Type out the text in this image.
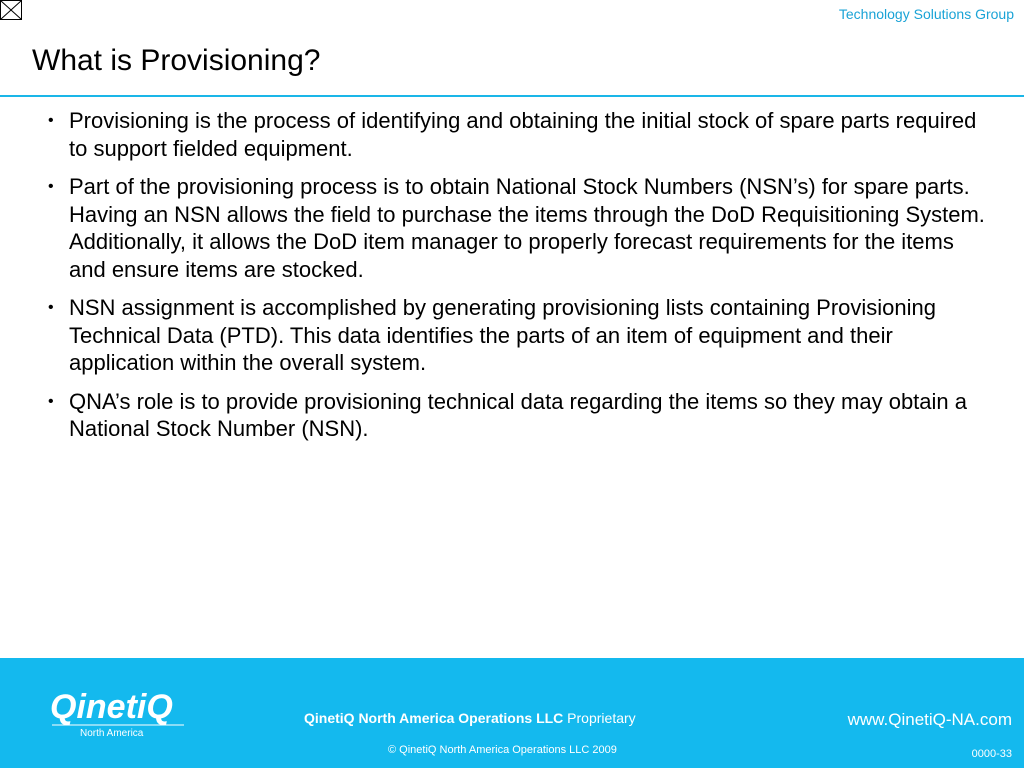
Technology Solutions Group
What is Provisioning?
• Provisioning is the process of identifying and obtaining the initial stock of spare parts required to support fielded equipment.
• Part of the provisioning process is to obtain National Stock Numbers (NSN’s) for spare parts. Having an NSN allows the field to purchase the items through the DoD Requisitioning System. Additionally, it allows the DoD item manager to properly forecast requirements for the items and ensure items are stocked.
• NSN assignment is accomplished by generating provisioning lists containing Provisioning Technical Data (PTD). This data identifies the parts of an item of equipment and their application within the overall system.
• QNA’s role is to provide provisioning technical data regarding the items so they may obtain a National Stock Number (NSN).
QinetiQ
North America
QinetiQ North America Operations LLC Proprietary
© QinetiQ North America Operations LLC 2009
www.QinetiQ-NA.com
0000-33
